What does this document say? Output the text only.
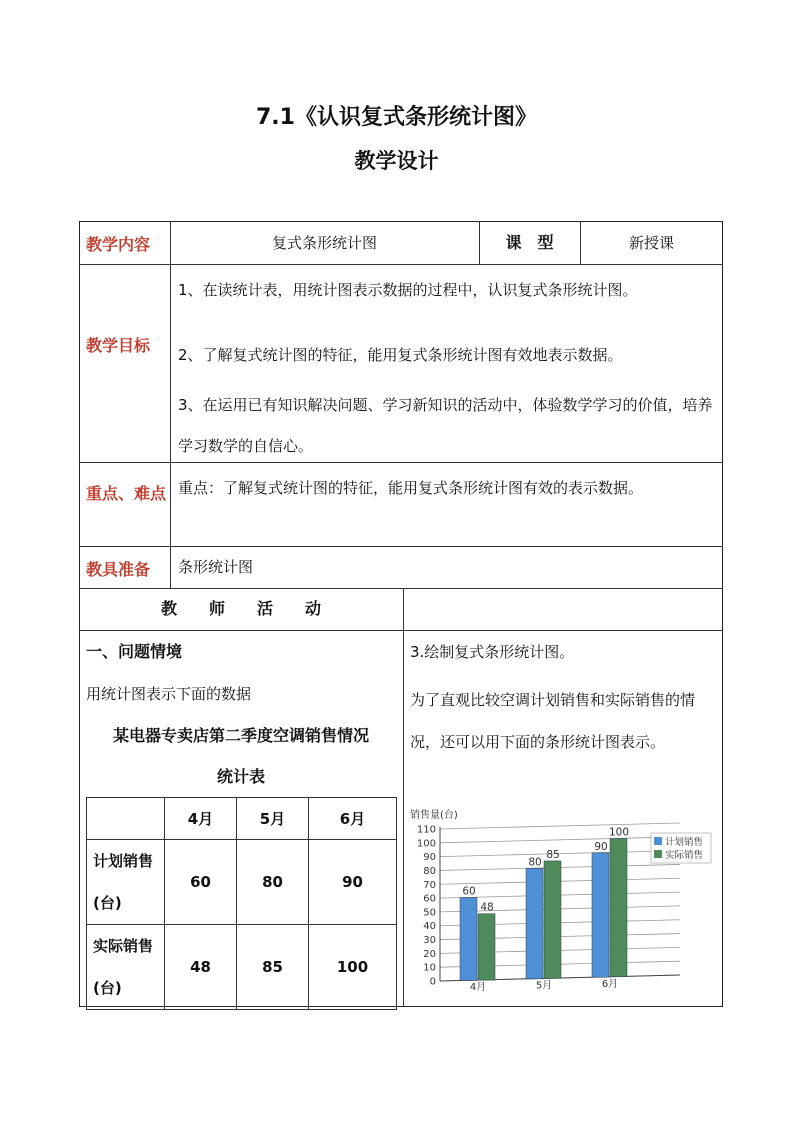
7.1《认识复式条形统计图》
教学设计
教学内容	复式条形统计图	课　型	新授课
教学目标
1、在读统计表，用统计图表示数据的过程中，认识复式条形统计图。
2、了解复式统计图的特征，能用复式条形统计图有效地表示数据。
3、在运用已有知识解决问题、学习新知识的活动中，体验数学学习的价值，培养学习数学的自信心。
重点、难点 重点：了解复式统计图的特征，能用复式条形统计图有效的表示数据。
教具准备 条形统计图
教　　师　　活　　动
一、问题情境
用统计图表示下面的数据
某电器专卖店第二季度空调销售情况
统计表
	4月	5月	6月
计划销售(台)	60	80	90
实际销售(台)	48	85	100
3.绘制复式条形统计图。
为了直观比较空调计划销售和实际销售的情况，还可以用下面的条形统计图表示。
销售量(台)
0
10
20
30
40
50
60
70
80
90
100
110
60
48
4月
80
85
5月
90
100
6月
计划销售
实际销售
